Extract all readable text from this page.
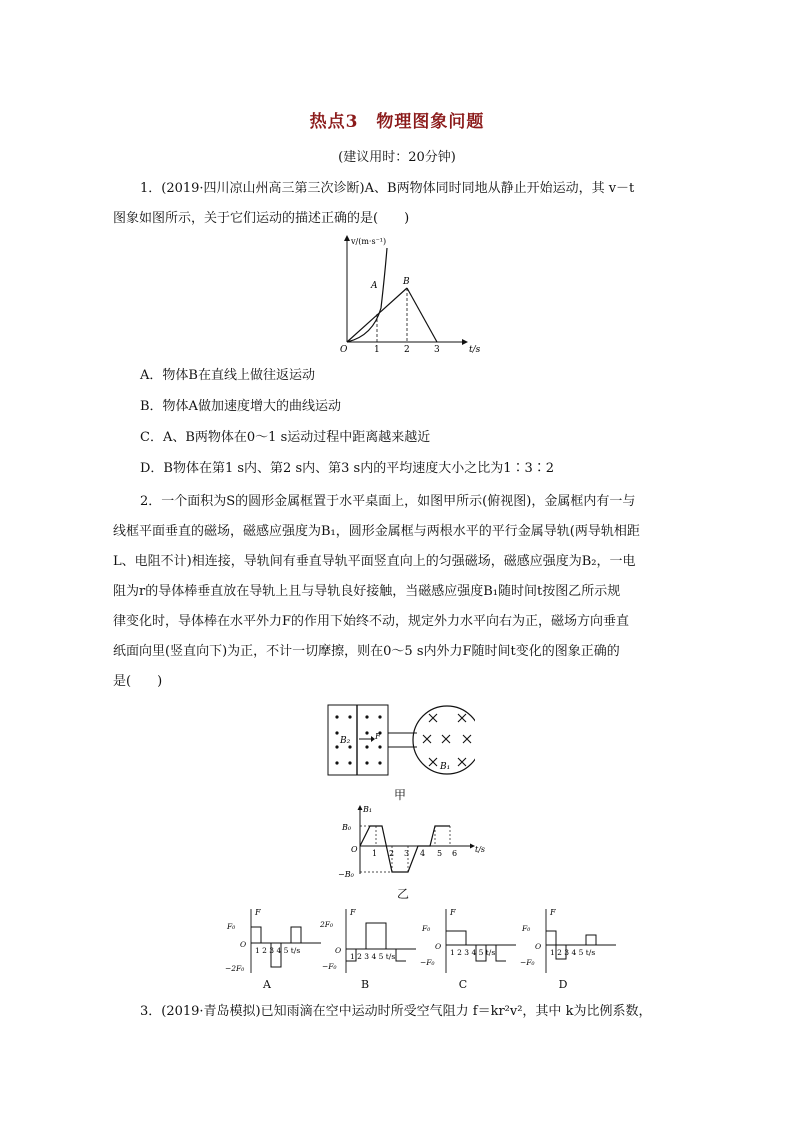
热点3　物理图象问题
(建议用时：20分钟)
1．(2019·四川凉山州高三第三次诊断)A、B两物体同时同地从静止开始运动，其 v－t
图象如图所示，关于它们运动的描述正确的是(　　)
v/(m·s⁻¹)
t/s
O	1	2	3
A	B
A．物体B在直线上做往返运动
B．物体A做加速度增大的曲线运动
C．A、B两物体在0～1 s运动过程中距离越来越近
D．B物体在第1 s内、第2 s内、第3 s内的平均速度大小之比为1∶3∶2
2．一个面积为S的圆形金属框置于水平桌面上，如图甲所示(俯视图)，金属框内有一与
线框平面垂直的磁场，磁感应强度为B₁，圆形金属框与两根水平的平行金属导轨(两导轨相距
L、电阻不计)相连接，导轨间有垂直导轨平面竖直向上的匀强磁场，磁感应强度为B₂，一电
阻为r的导体棒垂直放在导轨上且与导轨良好接触，当磁感应强度B₁随时间t按图乙所示规
律变化时，导体棒在水平外力F的作用下始终不动，规定外力水平向右为正，磁场方向垂直
纸面向里(竖直向下)为正，不计一切摩擦，则在0～5 s内外力F随时间t变化的图象正确的
是(　　)
B₂	F
B₁
甲
B₁
B₀
−B₀
O	t/s
1 2 3 4 5 6
乙
F
F₀
−2F₀
O
1 2 3 4 5 t/s
A
F
2F₀
−F₀
O
1 2 3 4 5 t/s
B
F
F₀
−F₀
O
1 2 3 4 5 t/s
C
F
F₀
−F₀
O
1 2 3 4 5 t/s
D
3．(2019·青岛模拟)已知雨滴在空中运动时所受空气阻力 f＝kr²v²，其中 k为比例系数，
